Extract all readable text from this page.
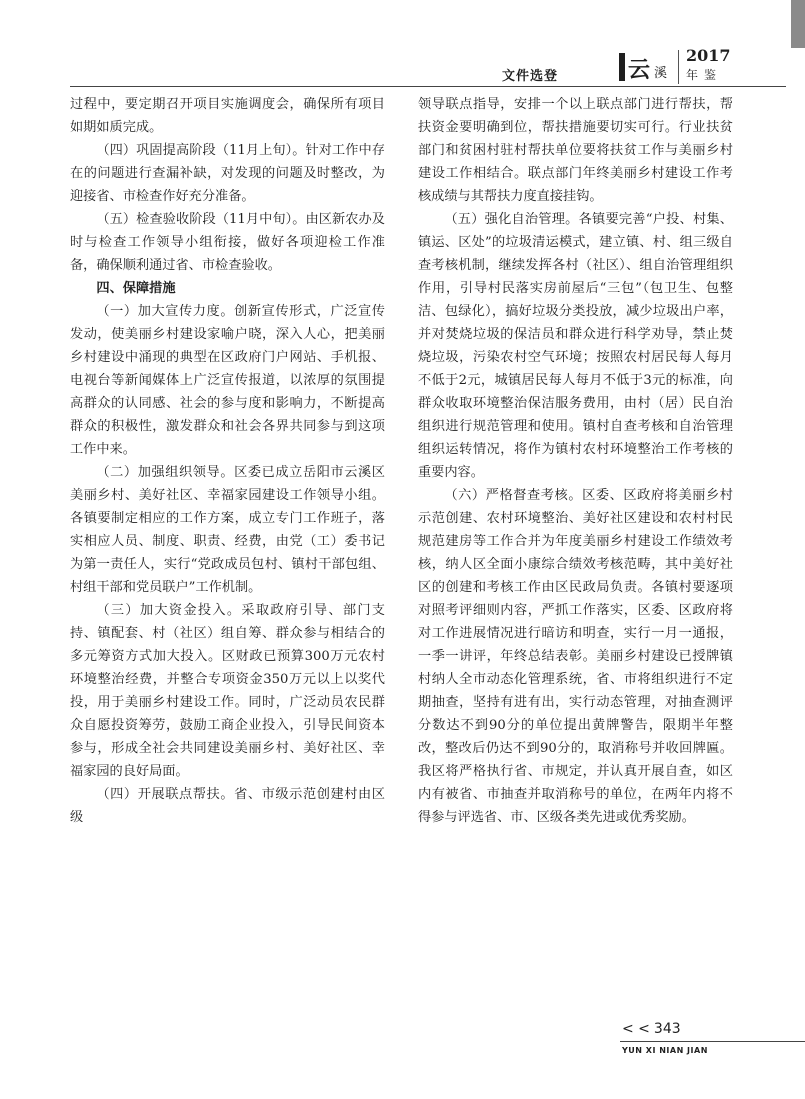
文件选登	云 溪
2017
年鉴

过程中，要定期召开项目实施调度会，确保所有项目如期如质完成。

（四）巩固提高阶段（11月上旬）。针对工作中存在的问题进行查漏补缺，对发现的问题及时整改，为迎接省、市检查作好充分准备。

（五）检查验收阶段（11月中旬）。由区新农办及时与检查工作领导小组衔接，做好各项迎检工作准备，确保顺利通过省、市检查验收。

四、保障措施

（一）加大宣传力度。创新宣传形式，广泛宣传发动，使美丽乡村建设家喻户晓，深入人心，把美丽乡村建设中涌现的典型在区政府门户网站、手机报、电视台等新闻媒体上广泛宣传报道，以浓厚的氛围提高群众的认同感、社会的参与度和影响力，不断提高群众的积极性，激发群众和社会各界共同参与到这项工作中来。

（二）加强组织领导。区委已成立岳阳市云溪区美丽乡村、美好社区、幸福家园建设工作领导小组。各镇要制定相应的工作方案，成立专门工作班子，落实相应人员、制度、职责、经费，由党（工）委书记为第一责任人，实行“党政成员包村、镇村干部包组、村组干部和党员联户”工作机制。

（三）加大资金投入。采取政府引导、部门支持、镇配套、村（社区）组自筹、群众参与相结合的多元筹资方式加大投入。区财政已预算300万元农村环境整治经费，并整合专项资金350万元以上以奖代投，用于美丽乡村建设工作。同时，广泛动员农民群众自愿投资筹劳，鼓励工商企业投入，引导民间资本参与，形成全社会共同建设美丽乡村、美好社区、幸福家园的良好局面。

（四）开展联点帮扶。省、市级示范创建村由区级

领导联点指导，安排一个以上联点部门进行帮扶，帮扶资金要明确到位，帮扶措施要切实可行。行业扶贫部门和贫困村驻村帮扶单位要将扶贫工作与美丽乡村建设工作相结合。联点部门年终美丽乡村建设工作考核成绩与其帮扶力度直接挂钩。

（五）强化自治管理。各镇要完善“户投、村集、镇运、区处”的垃圾清运模式，建立镇、村、组三级自查考核机制，继续发挥各村（社区）、组自治管理组织作用，引导村民落实房前屋后“三包”（包卫生、包整洁、包绿化），搞好垃圾分类投放，减少垃圾出户率，并对焚烧垃圾的保洁员和群众进行科学劝导，禁止焚烧垃圾，污染农村空气环境；按照农村居民每人每月不低于2元，城镇居民每人每月不低于3元的标准，向群众收取环境整治保洁服务费用，由村（居）民自治组织进行规范管理和使用。镇村自查考核和自治管理组织运转情况，将作为镇村农村环境整治工作考核的重要内容。

（六）严格督查考核。区委、区政府将美丽乡村示范创建、农村环境整治、美好社区建设和农村村民规范建房等工作合并为年度美丽乡村建设工作绩效考核，纳人区全面小康综合绩效考核范畴，其中美好社区的创建和考核工作由区民政局负责。各镇村要逐项对照考评细则内容，严抓工作落实，区委、区政府将对工作进展情况进行暗访和明查，实行一月一通报，一季一讲评，年终总结表彰。美丽乡村建设已授牌镇村纳人全市动态化管理系统，省、市将组织进行不定期抽查，坚持有进有出，实行动态管理，对抽查测评分数达不到90分的单位提出黄牌警告，限期半年整改，整改后仍达不到90分的，取消称号并收回牌匾。我区将严格执行省、市规定，并认真开展自查，如区内有被省、市抽查并取消称号的单位，在两年内将不得参与评选省、市、区级各类先进或优秀奖励。

< < 343
YUN XI NIAN JIAN
